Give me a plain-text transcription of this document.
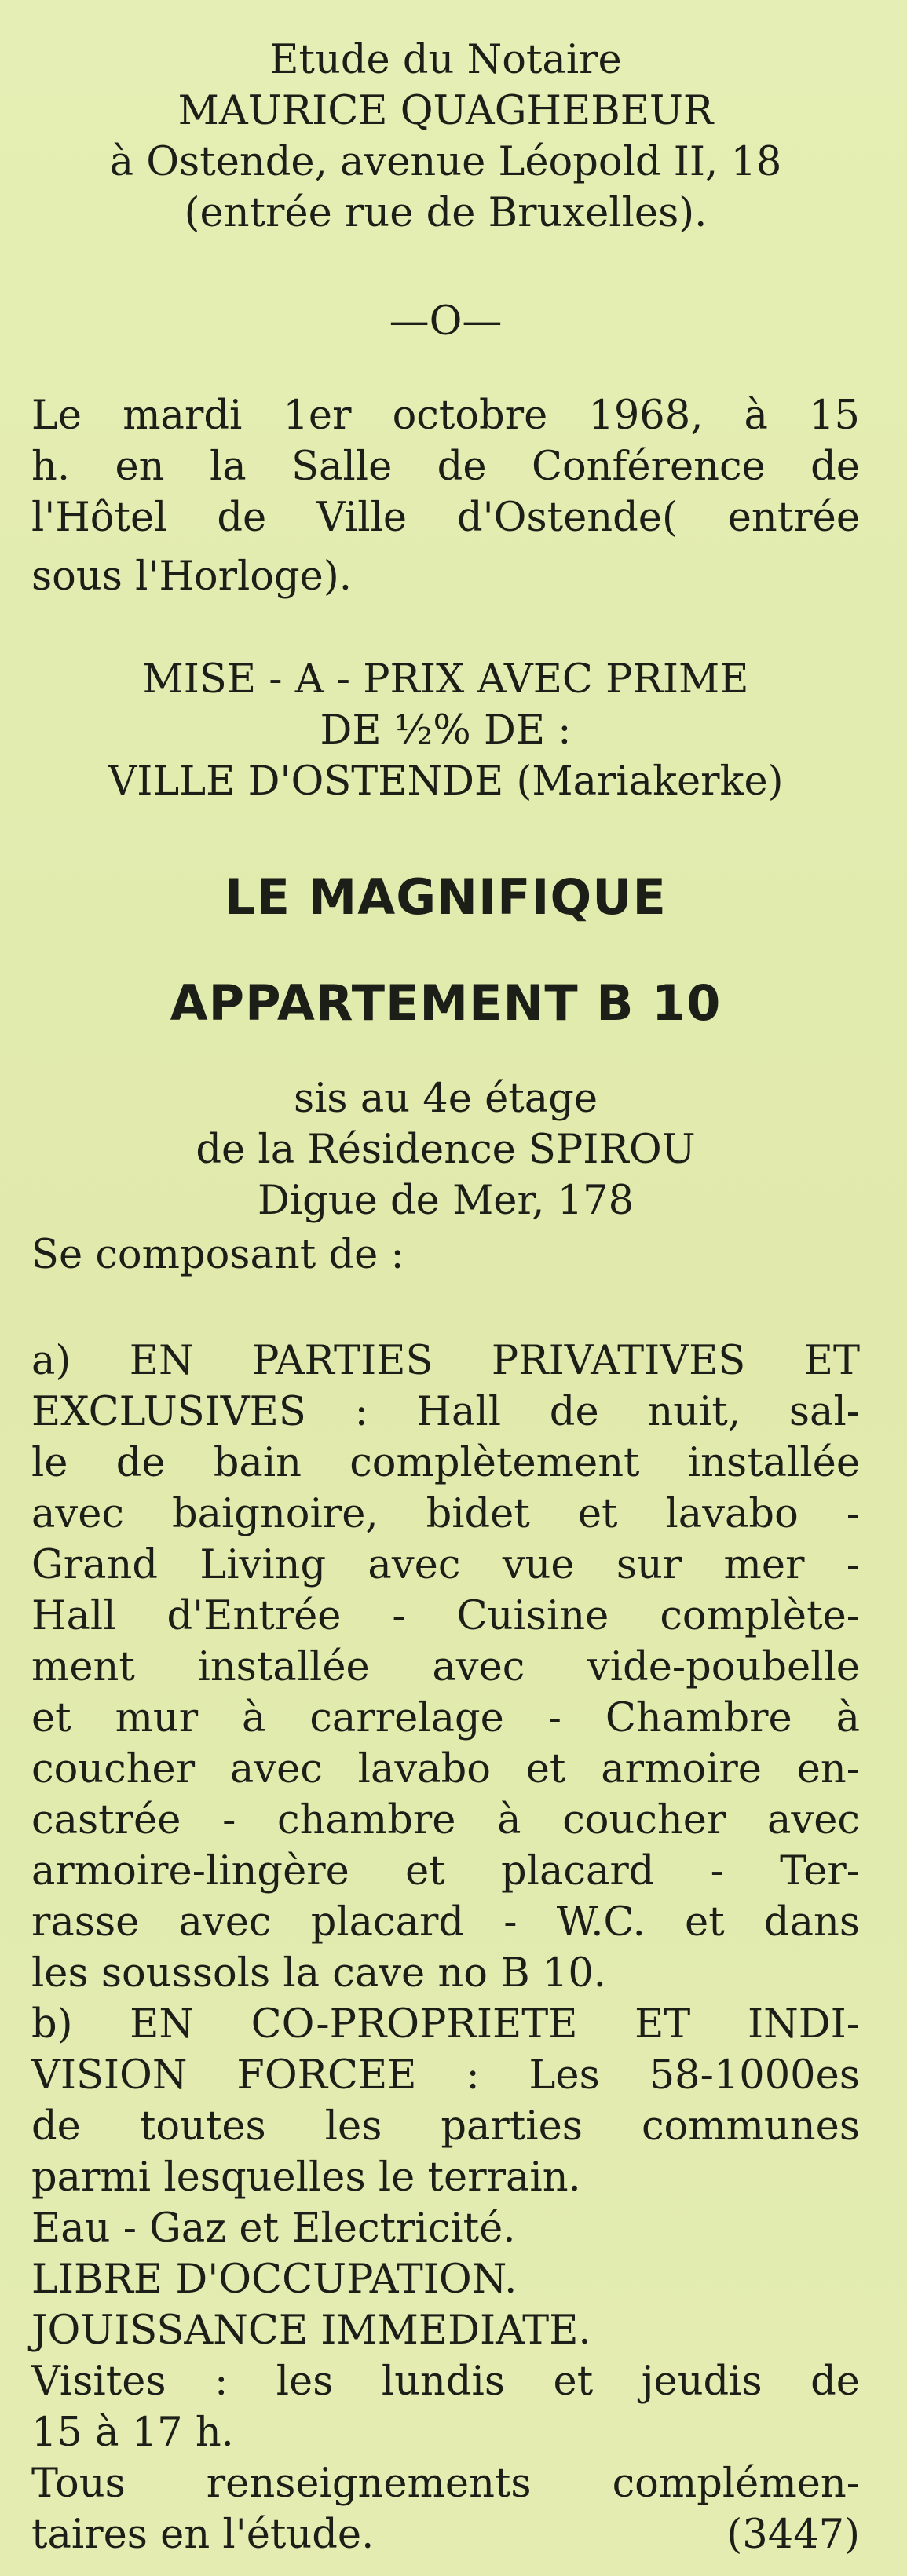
Etude du Notaire
MAURICE QUAGHEBEUR
à Ostende, avenue Léopold II, 18
(entrée rue de Bruxelles).
—O—
Le mardi 1er octobre 1968, à 15
h. en la Salle de Conférence de
l'Hôtel de Ville d'Ostende( entrée
sous l'Horloge).
MISE - A - PRIX AVEC PRIME
DE ½% DE :
VILLE D'OSTENDE (Mariakerke)
LE MAGNIFIQUE
APPARTEMENT B 10
sis au 4e étage
de la Résidence SPIROU
Digue de Mer, 178
Se composant de :
a) EN PARTIES PRIVATIVES ET
EXCLUSIVES : Hall de nuit, sal-
le de bain complètement installée
avec baignoire, bidet et lavabo -
Grand Living avec vue sur mer -
Hall d'Entrée - Cuisine complète-
ment installée avec vide-poubelle
et mur à carrelage - Chambre à
coucher avec lavabo et armoire en-
castrée - chambre à coucher avec
armoire-lingère et placard - Ter-
rasse avec placard - W.C. et dans
les soussols la cave no B 10.
b) EN CO-PROPRIETE ET INDI-
VISION FORCEE : Les 58-1000es
de toutes les parties communes
parmi lesquelles le terrain.
Eau - Gaz et Electricité.
LIBRE D'OCCUPATION.
JOUISSANCE IMMEDIATE.
Visites : les lundis et jeudis de
15 à 17 h.
Tous renseignements complémen-
taires en l'étude.	(3447)
